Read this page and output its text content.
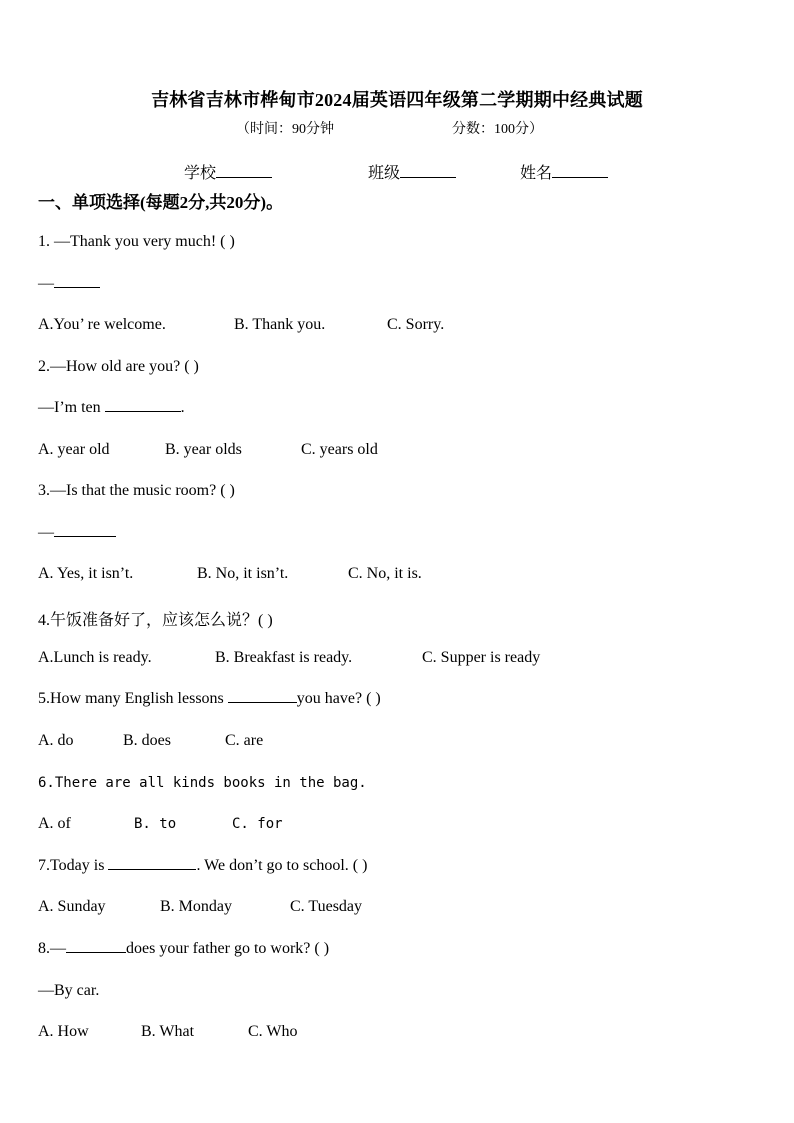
吉林省吉林市桦甸市2024届英语四年级第二学期期中经典试题
（时间：90分钟	分数：100分）
学校	班级	姓名
一、单项选择(每题2分,共20分)。
1. —Thank you very much! ( )
—
A.You’ re welcome.	B. Thank you.	C. Sorry.
2.—How old are you? ( )
—I’m ten	.
A. year old	B. year olds	C. years old
3.—Is that the music room? ( )
—
A. Yes, it isn’t.	B. No, it isn’t.	C. No, it is.
4.午饭准备好了，应该怎么说？( )
A.Lunch is ready.	B. Breakfast is ready.	C. Supper is ready
5.How many English lessons	you have? ( )
A. do	B. does	C. are
6.There are all kinds books in the bag.
A. of	B. to	C. for
7.Today is	. We don’t go to school. ( )
A. Sunday	B. Monday	C. Tuesday
8.—	does your father go to work? ( )
—By car.
A. How	B. What	C. Who
